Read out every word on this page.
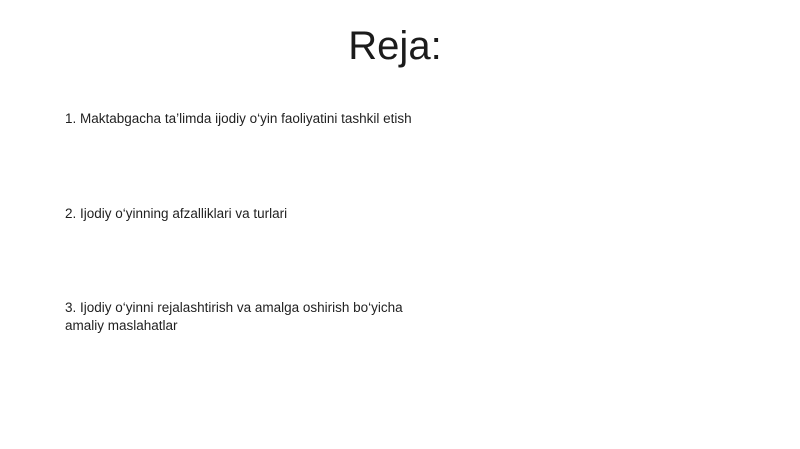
Reja:
1. Maktabgacha ta’limda ijodiy o‘yin faoliyatini tashkil etish
2. Ijodiy o‘yinning afzalliklari va turlari
3. Ijodiy o‘yinni rejalashtirish va amalga oshirish bo‘yicha amaliy maslahatlar
